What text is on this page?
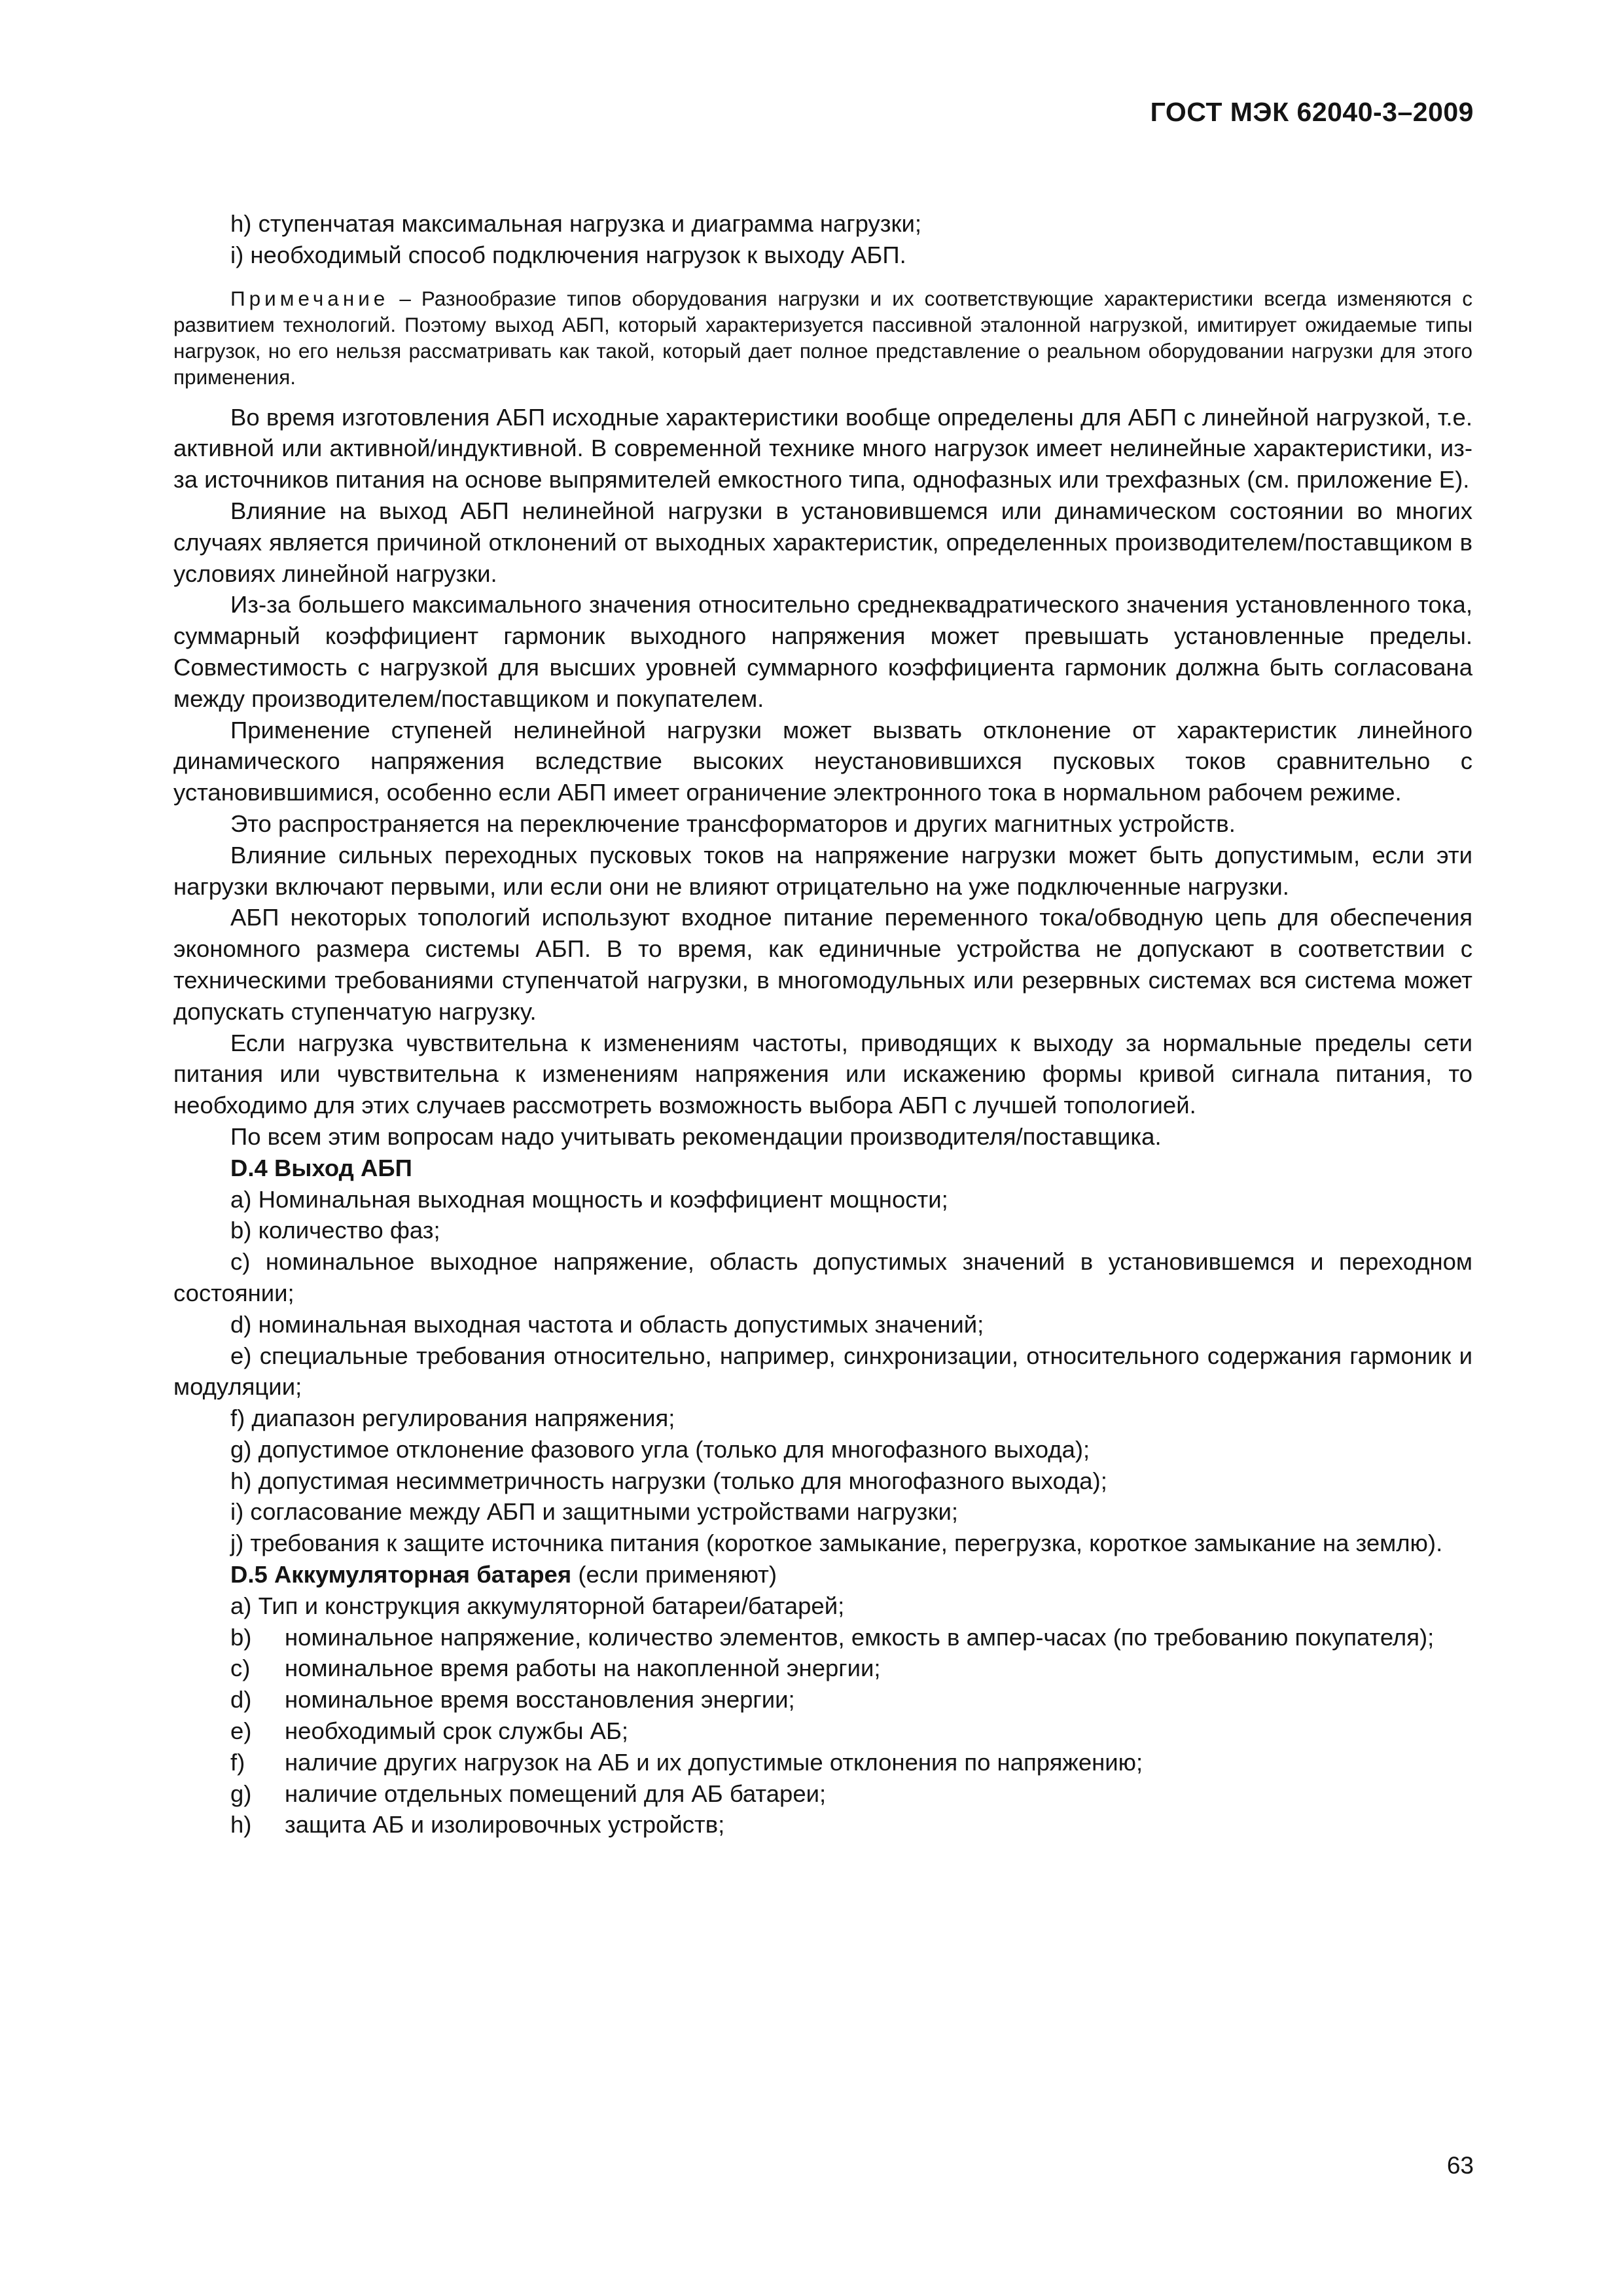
ГОСТ МЭК 62040-3–2009

h) ступенчатая максимальная нагрузка и диаграмма нагрузки;

i) необходимый способ подключения нагрузок к выходу АБП.

Примечание – Разнообразие типов оборудования нагрузки и их соответствующие характеристики всегда изменяются с развитием технологий. Поэтому выход АБП, который характеризуется пассивной эталонной нагрузкой, имитирует ожидаемые типы нагрузок, но его нельзя рассматривать как такой, который дает полное представление о реальном оборудовании нагрузки для этого применения.

Во время изготовления АБП исходные характеристики вообще определены для АБП с линейной нагрузкой, т.е. активной или активной/индуктивной. В современной технике много нагрузок имеет нелинейные характеристики, из-за источников питания на основе выпрямителей емкостного типа, однофазных или трехфазных (см. приложение Е).

Влияние на выход АБП нелинейной нагрузки в установившемся или динамическом состоянии во многих случаях является причиной отклонений от выходных характеристик, определенных производителем/поставщиком в условиях линейной нагрузки.

Из-за большего максимального значения относительно среднеквадратического значения установленного тока, суммарный коэффициент гармоник выходного напряжения может превышать установленные пределы. Совместимость с нагрузкой для высших уровней суммарного коэффициента гармоник должна быть согласована между производителем/поставщиком и покупателем.

Применение ступеней нелинейной нагрузки может вызвать отклонение от характеристик линейного динамического напряжения вследствие высоких неустановившихся пусковых токов сравнительно с установившимися, особенно если АБП имеет ограничение электронного тока в нормальном рабочем режиме.

Это распространяется на переключение трансформаторов и других магнитных устройств.

Влияние сильных переходных пусковых токов на напряжение нагрузки может быть допустимым, если эти нагрузки включают первыми, или если они не влияют отрицательно на уже подключенные нагрузки.

АБП некоторых топологий используют входное питание переменного тока/обводную цепь для обеспечения экономного размера системы АБП. В то время, как единичные устройства не допускают в соответствии с техническими требованиями ступенчатой нагрузки, в многомодульных или резервных системах вся система может допускать ступенчатую нагрузку.

Если нагрузка чувствительна к изменениям частоты, приводящих к выходу за нормальные пределы сети питания или чувствительна к изменениям напряжения или искажению формы кривой сигнала питания, то необходимо для этих случаев рассмотреть возможность выбора АБП с лучшей топологией.

По всем этим вопросам надо учитывать рекомендации производителя/поставщика.

D.4 Выход АБП

a) Номинальная выходная мощность и коэффициент мощности;

b) количество фаз;

c) номинальное выходное напряжение, область допустимых значений в установившемся и переходном состоянии;

d) номинальная выходная частота и область допустимых значений;

e) специальные требования относительно, например, синхронизации, относительного содержания гармоник и модуляции;

f) диапазон регулирования напряжения;

g) допустимое отклонение фазового угла (только для многофазного выхода);

h) допустимая несимметричность нагрузки (только для многофазного выхода);

i) согласование между АБП и защитными устройствами нагрузки;

j) требования к защите источника питания (короткое замыкание, перегрузка, короткое замыкание на землю).

D.5 Аккумуляторная батарея (если применяют)

a) Тип и конструкция аккумуляторной батареи/батарей;

b) номинальное напряжение, количество элементов, емкость в ампер-часах (по требованию покупателя);

c) номинальное время работы на накопленной энергии;

d) номинальное время восстановления энергии;

e) необходимый срок службы АБ;

f) наличие других нагрузок на АБ и их допустимые отклонения по напряжению;

g) наличие отдельных помещений для АБ батареи;

h) защита АБ и изолировочных устройств;

63
